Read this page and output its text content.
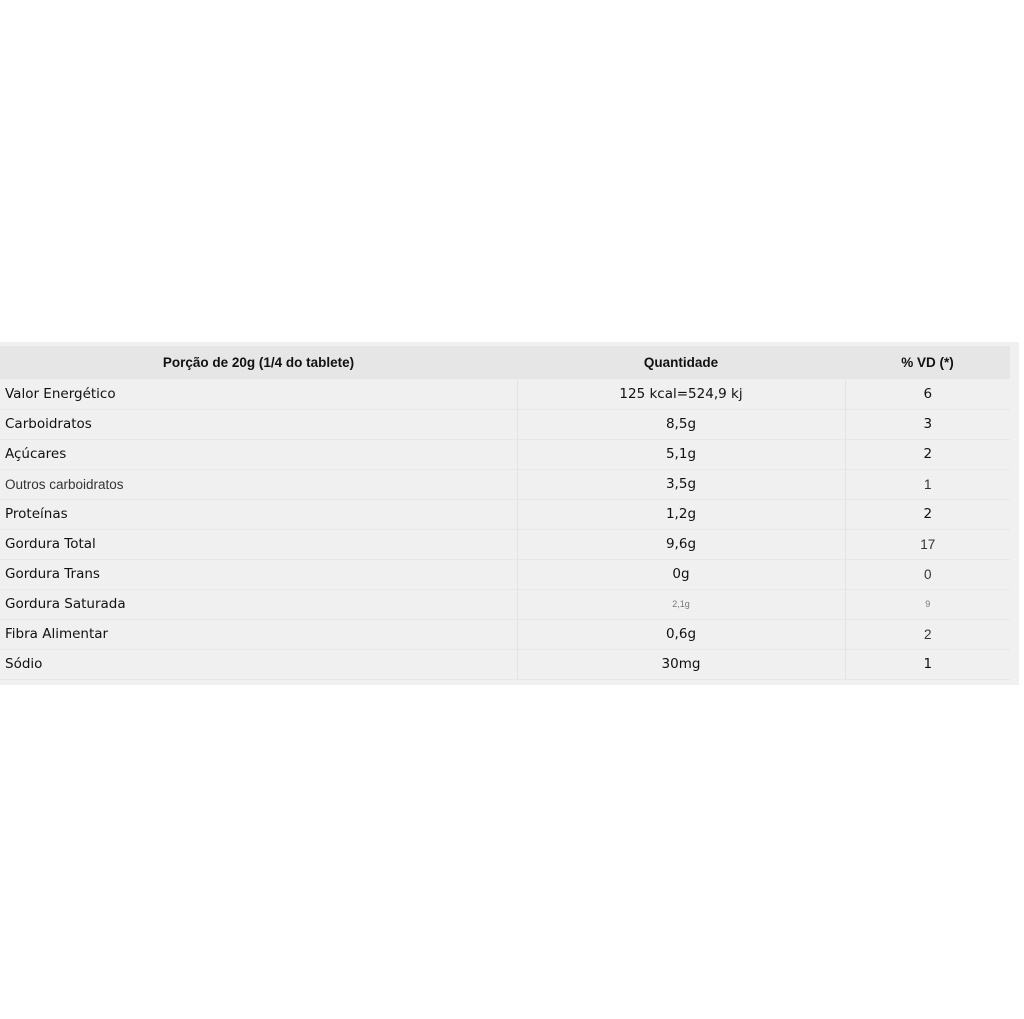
Porção de 20g (1/4 do tablete)	Quantidade	% VD (*)
Valor Energético	125 kcal=524,9 kj	6
Carboidratos	8,5g	3
Açúcares	5,1g	2
Outros carboidratos	3,5g	1
Proteínas	1,2g	2
Gordura Total	9,6g	17
Gordura Trans	0g	0
Gordura Saturada	2,1g	9
Fibra Alimentar	0,6g	2
Sódio	30mg	1
